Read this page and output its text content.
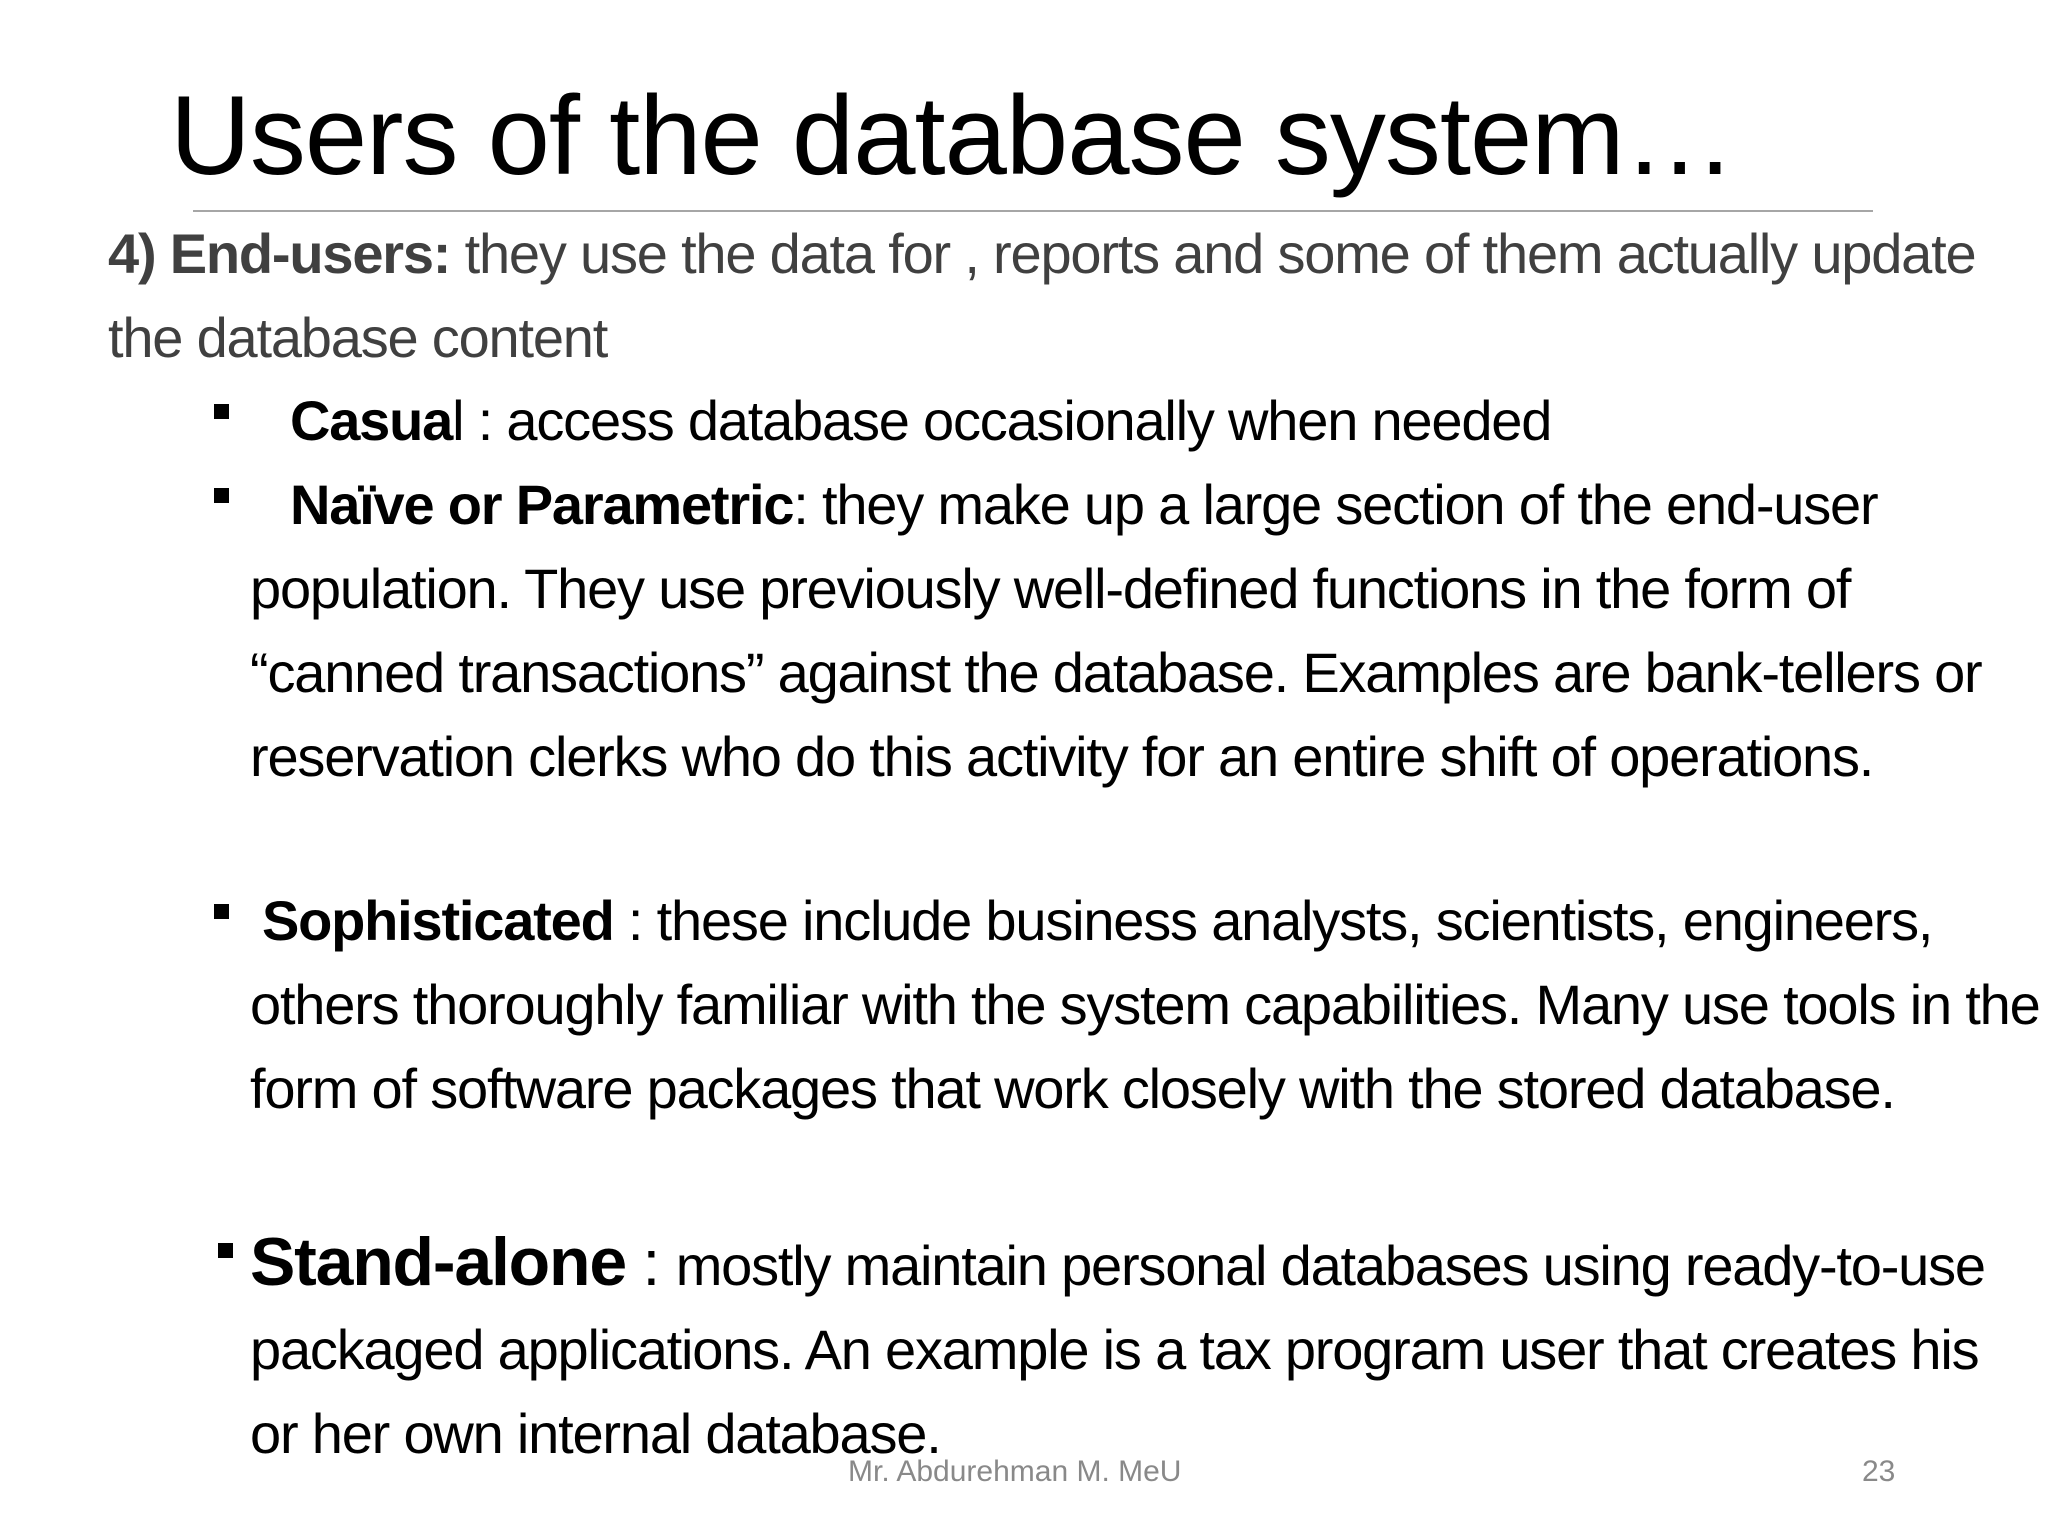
Users of the database system…

4) End-users: they use the data for , reports and some of them actually update the database content

Casual : access database occasionally when needed
Naïve or Parametric: they make up a large section of the end-user population. They use previously well-defined functions in the form of “canned transactions” against the database. Examples are bank-tellers or reservation clerks who do this activity for an entire shift of operations.
Sophisticated : these include business analysts, scientists, engineers, others thoroughly familiar with the system capabilities. Many use tools in the form of software packages that work closely with the stored database.
Stand-alone : mostly maintain personal databases using ready-to-use packaged applications. An example is a tax program user that creates his or her own internal database.
Mr. Abdurehman M. MeU	23
